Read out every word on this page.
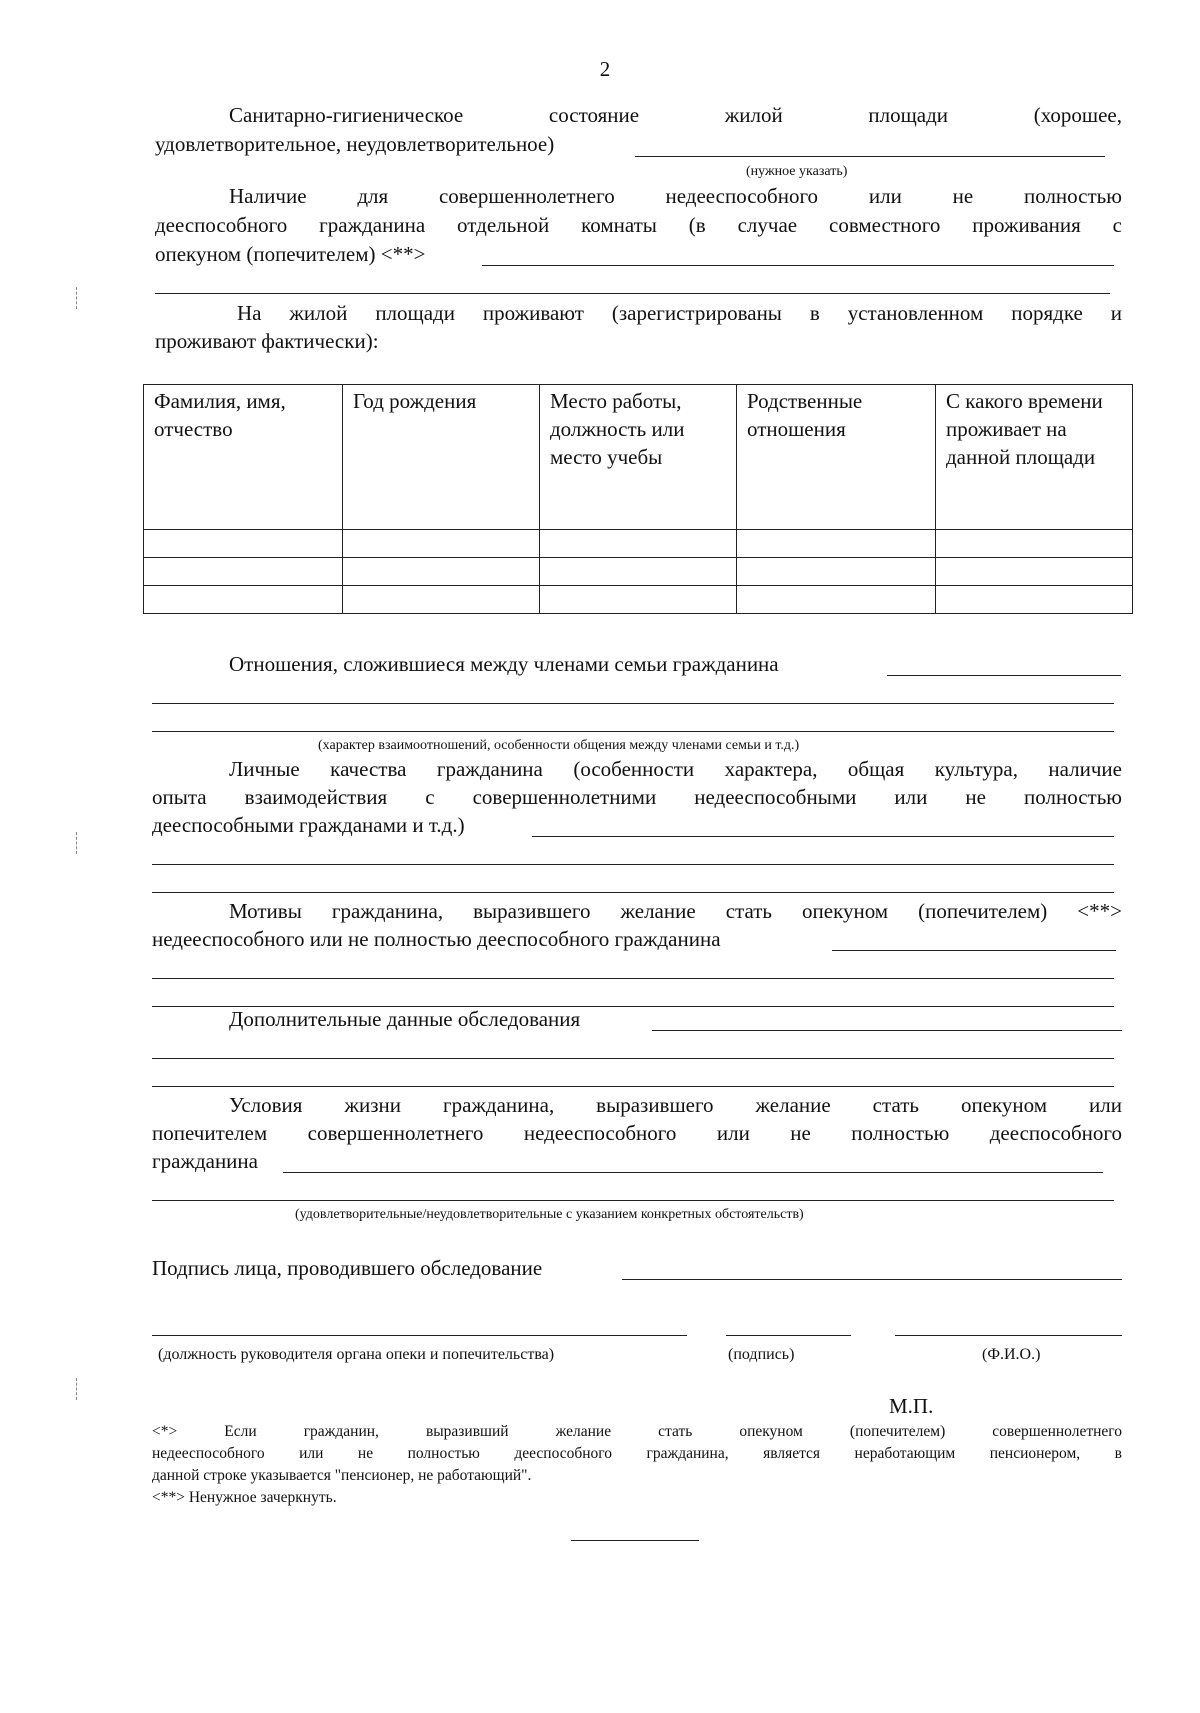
2
Санитарно-гигиеническое	состояние	жилой	площади	(хорошее,
удовлетворительное, неудовлетворительное)
(нужное указать)
Наличие для совершеннолетнего недееспособного или не полностью
дееспособного гражданина отдельной комнаты (в случае совместного проживания с
опекуном (попечителем) <**>
На жилой площади проживают (зарегистрированы в установленном порядке и
проживают фактически):
Фамилия, имя, отчество	Год рождения	Место работы, должность или место учебы	Родственные отношения	С какого времени проживает на данной площади

Отношения, сложившиеся между членами семьи гражданина
(характер взаимоотношений, особенности общения между членами семьи и т.д.)
Личные качества гражданина (особенности характера, общая культура, наличие
опыта взаимодействия с совершеннолетними недееспособными или не полностью
дееспособными гражданами и т.д.)
Мотивы гражданина, выразившего желание стать опекуном (попечителем) <**>
недееспособного или не полностью дееспособного гражданина
Дополнительные данные обследования
Условия жизни гражданина, выразившего желание стать опекуном или
попечителем совершеннолетнего недееспособного или не полностью дееспособного
гражданина
(удовлетворительные/неудовлетворительные с указанием конкретных обстоятельств)
Подпись лица, проводившего обследование
(должность руководителя органа опеки и попечительства)	(подпись)	(Ф.И.О.)
М.П.
<*> Если гражданин, выразивший желание стать опекуном (попечителем) совершеннолетнего
недееспособного или не полностью дееспособного гражданина, является неработающим пенсионером, в
данной строке указывается "пенсионер, не работающий".
<**> Ненужное зачеркнуть.
